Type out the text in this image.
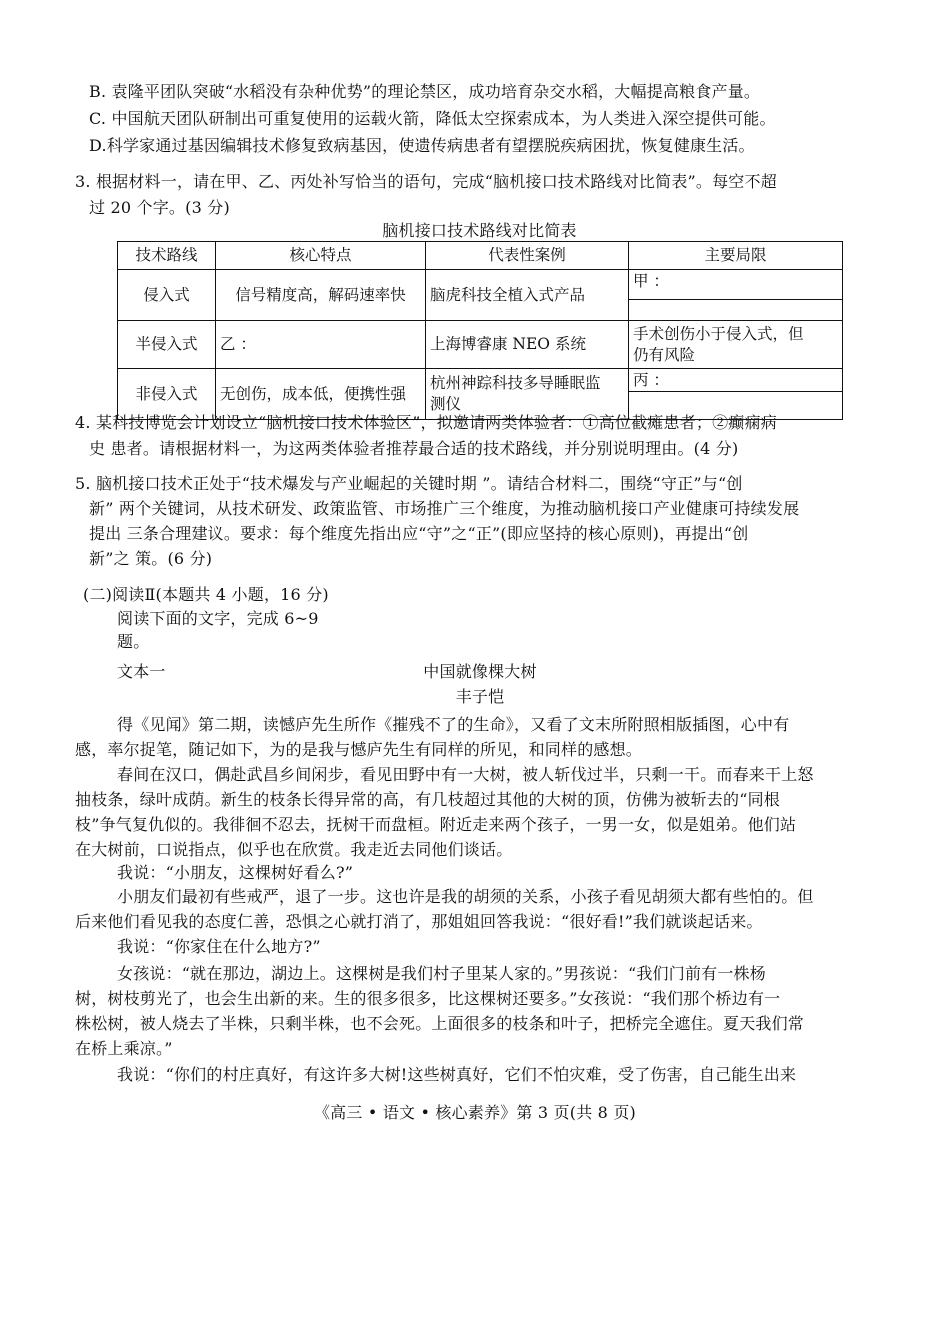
B. 袁隆平团队突破“水稻没有杂种优势”的理论禁区，成功培育杂交水稻，大幅提高粮食产量。
C. 中国航天团队研制出可重复使用的运载火箭，降低太空探索成本，为人类进入深空提供可能。
D.科学家通过基因编辑技术修复致病基因，使遗传病患者有望摆脱疾病困扰，恢复健康生活。
3. 根据材料一，请在甲、乙、丙处补写恰当的语句，完成“脑机接口技术路线对比简表”。每空不超
过 20 个字。(3 分)
脑机接口技术路线对比简表
技术路线	核心特点	代表性案例	主要局限
侵入式	信号精度高，解码速率快	脑虎科技全植入式产品	甲 ：

半侵入式	乙 ：	上海博睿康 NEO 系统	手术创伤小于侵入式，但
仍有风险

非侵入式	无创伤，成本低，便携性强	杭州神踪科技多导睡眠监
测仪	丙 ：
4. 某科技博览会计划设立“脑机接口技术体验区”，拟邀请两类体验者：①高位截瘫患者；②癫痫病
史 患者。请根据材料一，为这两类体验者推荐最合适的技术路线，并分别说明理由。(4 分)
5. 脑机接口技术正处于“技术爆发与产业崛起的关键时期 ”。请结合材料二，围绕“守正”与“创
新” 两个关键词，从技术研发、政策监管、市场推广三个维度，为推动脑机接口产业健康可持续发展
提出 三条合理建议。要求：每个维度先指出应“守”之“正”(即应坚持的核心原则)，再提出“创
新”之 策。(6 分)
(二)阅读Ⅱ(本题共 4 小题，16 分)
阅读下面的文字，完成 6~9
题。
文本一	中国就像棵大树
丰子恺
得《见闻》第二期，读憾庐先生所作《摧残不了的生命》，又看了文末所附照相版插图，心中有
感，率尔捉笔，随记如下，为的是我与憾庐先生有同样的所见，和同样的感想。
春间在汉口，偶赴武昌乡间闲步，看见田野中有一大树，被人斩伐过半，只剩一干。而春来干上怒
抽枝条，绿叶成荫。新生的枝条长得异常的高，有几枝超过其他的大树的顶，仿佛为被斩去的“同根
枝”争气复仇似的。我徘徊不忍去，抚树干而盘桓。附近走来两个孩子，一男一女，似是姐弟。他们站
在大树前，口说指点，似乎也在欣赏。我走近去同他们谈话。
我说：“小朋友，这棵树好看么?”
小朋友们最初有些戒严，退了一步。这也许是我的胡须的关系，小孩子看见胡须大都有些怕的。但
后来他们看见我的态度仁善，恐惧之心就打消了，那姐姐回答我说：“很好看!”我们就谈起话来。
我说：“你家住在什么地方?”
女孩说：“就在那边，湖边上。这棵树是我们村子里某人家的。”男孩说：“我们门前有一株杨
树，树枝剪光了，也会生出新的来。生的很多很多，比这棵树还要多。”女孩说：“我们那个桥边有一
株松树，被人烧去了半株，只剩半株，也不会死。上面很多的枝条和叶子，把桥完全遮住。夏天我们常
在桥上乘凉。”
我说：“你们的村庄真好，有这许多大树!这些树真好，它们不怕灾难，受了伤害，自己能生出来
《高三 • 语文 • 核心素养》第 3 页(共 8 页)
